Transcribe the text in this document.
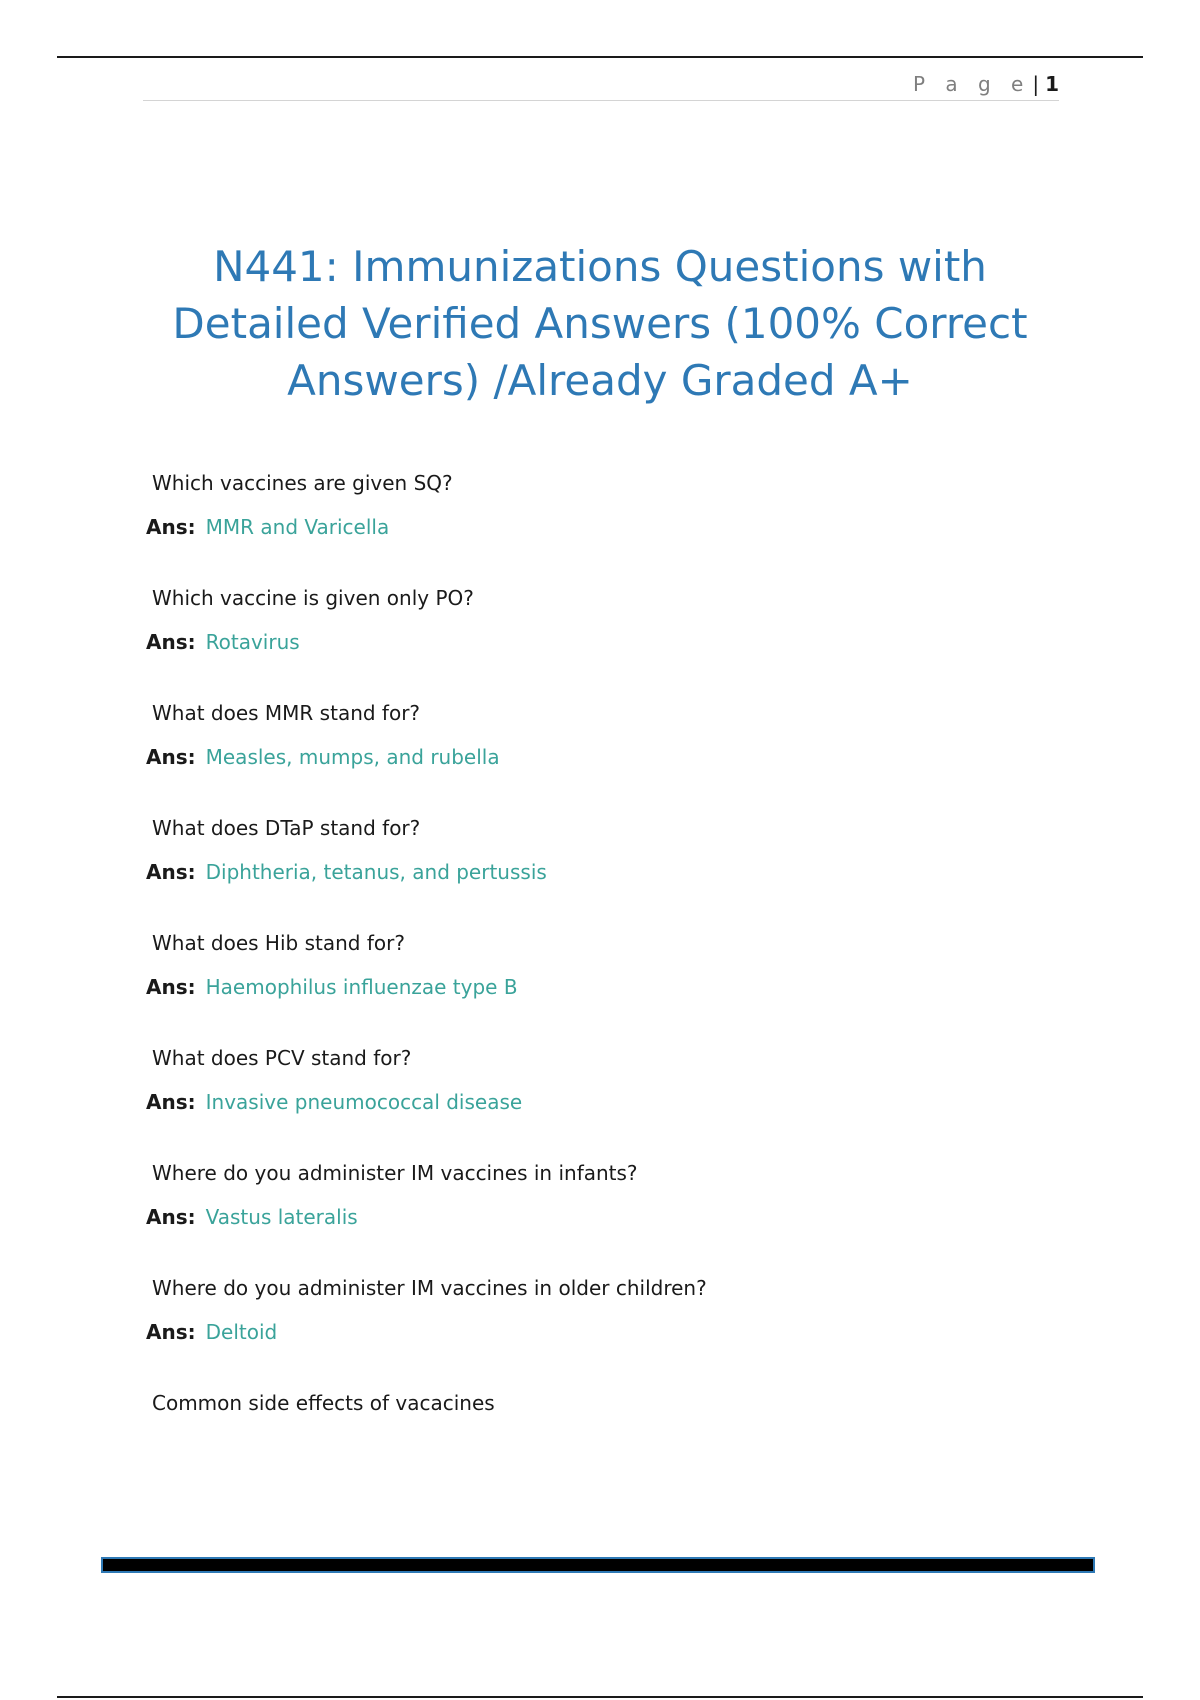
P a g e | 1
N441: Immunizations Questions with Detailed Verified Answers (100% Correct Answers) /Already Graded A+
Which vaccines are given SQ?
Ans: MMR and Varicella
Which vaccine is given only PO?
Ans: Rotavirus
What does MMR stand for?
Ans: Measles, mumps, and rubella
What does DTaP stand for?
Ans: Diphtheria, tetanus, and pertussis
What does Hib stand for?
Ans: Haemophilus influenzae type B
What does PCV stand for?
Ans: Invasive pneumococcal disease
Where do you administer IM vaccines in infants?
Ans: Vastus lateralis
Where do you administer IM vaccines in older children?
Ans: Deltoid
Common side effects of vacacines
